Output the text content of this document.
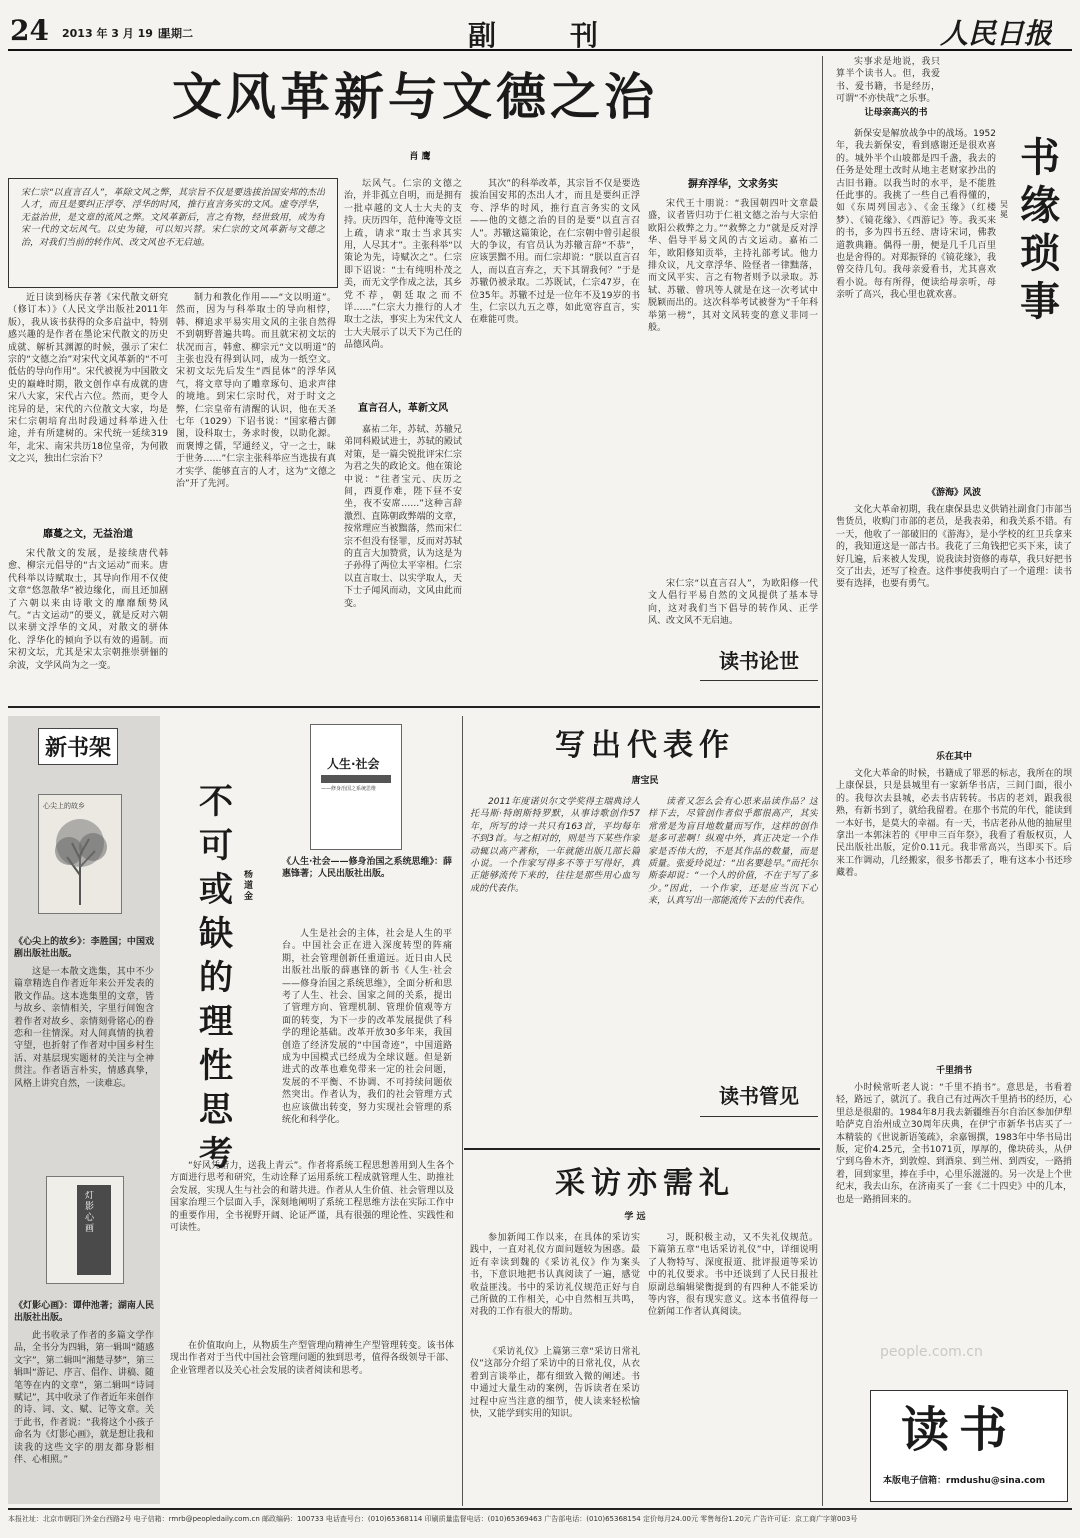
24 2013 年 3 月 19 日
星期二	副　　刊	人民日报
文风革新与文德之治
肖 鹰
宋仁宗“以直言召人”，革除文风之弊，其宗旨不仅是要选拔治国安邦的杰出人才，而且是要纠正浮夸、浮华的时风，推行直言务实的文风。虚夸浮华，无益治世，是文章的流风之弊。文风革新后，言之有物，经世致用，成为有宋一代的文坛风气。以史为镜，可以知兴替。宋仁宗的文风革新与文德之治，对我们当前的转作风、改文风也不无启迪。

近日读到杨庆存著《宋代散文研究（修订本）》（人民文学出版社2011年版），我从该书获得的众多启益中，特别感兴趣的是作者在墨论宋代散文的历史成就、解析其渊源的时候，强示了宋仁宗的“文德之治”对宋代文风革新的“不可低估的导向作用”。宋代被视为中国散文史的巅峰时期，散文创作卓有成就的唐宋八大家，宋代占六位。然而，更令人诧异的是，宋代的六位散文大家，均是宋仁宗朝培育出时段通过科举进入仕途，并有所建树的。宋代统一延续319年，北宋、南宋共历18位皇帝，为何散文之兴，独出仁宗治下？

靡蔓之文，无益治道

宋代散文的发展，是接续唐代韩愈、柳宗元倡导的“古文运动”而来。唐代科举以诗赋取士，其导向作用不仅使文章“悠忽散华”被边缘化，而且还加剧了六朝以来由诗歌文的靡靡颓势风气。“古文运动”的要义，就是反对六朝以来骈文浮华的文风，对散文的骈体化、浮华化的倾向予以有效的遏制。而宋初文坛，尤其是宋太宗朝推崇骈俪的余波，文学风尚为之一变。

制力和教化作用——“文以明道”。然而，因为与科举取士的导向相悖，韩、柳追求平易实用文风的主张自然得不到朝野普遍共鸣。而且就宋初文坛的状况而言，韩愈、柳宗元“文以明道”的主张也没有得到认同，成为一纸空文。宋初文坛先后发生“西昆体”的浮华风气，将文章导向了雕章琢句、追求声律的境地。到宋仁宗时代，对于时文之弊，仁宗皇帝有清醒的认识，他在天圣七年（1029）下诏书说：“国家稽古御图，设科取士，务求时俊，以助化源。而褒博之儒，罕通经义，守一之士，昧于世务……”仁宗主张科举应当选拔有真才实学、能够直言的人才，这为“文德之治”开了先河。

坛风气。仁宗的文德之治，并非孤立自明，而是拥有一批卓越的文人士大夫的支持。庆历四年，范仲淹等文臣上疏，请求“取士当求其实用，人尽其才”。主张科举“以策论为先，诗赋次之”。仁宗即下诏说：“士有纯明朴茂之美，而无文学作成之法，其乡党不荐，朝廷取之而不详……”仁宗大力推行的人才取士之法，事实上为宋代文人士大夫展示了以天下为己任的品德风尚。

直言召人，革新文风

嘉祐二年，苏轼、苏辙兄弟同科殿试进士，苏轼的殿试对策，是一篇尖锐批评宋仁宗为君之失的政论文。他在策论中说：“往者宝元、庆历之间，西夏作难，陛下昼不安坐，夜不安席……”这种言辞激烈、直陈朝政弊端的文章，按常理应当被黜落，然而宋仁宗不但没有怪罪，反而对苏轼的直言大加赞赏，认为这是为子孙得了两位太平宰相。仁宗以直言取士、以实学取人，天下士子闻风而动，文风由此而变。

其次”的科举改革，其宗旨不仅是要选拔治国安邦的杰出人才，而且是要纠正浮夸、浮华的时风，推行直言务实的文风——他的文德之治的目的是要“以直言召人”。苏辙这篇策论，在仁宗朝中曾引起很大的争议，有官员认为苏辙言辞“不恭”，应该罢黜不用。而仁宗却说：“朕以直言召人，而以直言弃之，天下其谓我何？”于是苏辙仍被录取。二苏既试，仁宗47岁，在位35年。苏辙不过是一位年不及19岁的书生，仁宗以九五之尊，如此宽容直言，实在难能可贵。

摒弃浮华，文求务实

宋代王十朋说：“我国朝四叶文章最盛，议者皆归功于仁祖文德之治与大宗伯欧阳公救弊之力。”“救弊之力”就是反对浮华、倡导平易文风的古文运动。嘉祐二年，欧阳修知贡举，主持礼部考试。他力排众议，凡文章浮华、险怪者一律黜落，而文风平实、言之有物者则予以录取。苏轼、苏辙、曾巩等人就是在这一次考试中脱颖而出的。这次科举考试被誉为“千年科举第一榜”，其对文风转变的意义非同一般。

宋仁宗“以直言召人”，为欧阳修一代文人倡行平易自然的文风提供了基本导向，这对我们当下倡导的转作风、正学风、改文风不无启迪。

读书论世
新书架
心尖上的故乡
《心尖上的故乡》：李胜国；中国戏剧出版社出版。

这是一本散文选集，其中不少篇章精选自作者近年来公开发表的散文作品。这本选集里的文章，皆与故乡、亲情相关，字里行间饱含着作者对故乡、亲情刻骨铭心的眷恋和一往情深。对人间真情的执着守望，也折射了作者对中国乡村生活、对基层现实题材的关注与全神贯注。作者语言朴实，情感真挚，风格上讲究自然，一读难忘。

灯影心画
《灯影心画》：谭仲池著；湖南人民出版社出版。

此书收录了作者的多篇文学作品，全书分为四辑，第一辑叫“随感文字”，第二辑叫“湘楚寻梦”，第三辑叫“游记、序言、倡作、讲稿、随笔等在内的文章”，第二辑叫“诗词赋记”，其中收录了作者近年来创作的诗、词、文、赋、记等文章。关于此书，作者说：“我将这个小孩子命名为《灯影心画》，就是想让我和读我的这些文字的朋友都身影相伴、心相照。”

不
可
或
缺
的
理
性
思
考
杨道金
人生·社会
——修身治国之系统思维
《人生·社会——修身治国之系统思维》：薛惠锋著；人民出版社出版。

人生是社会的主体，社会是人生的平台。中国社会正在进入深度转型的阵痛期，社会管理创新任重道远。近日由人民出版社出版的薛惠锋的新书《人生·社会——修身治国之系统思维》，全面分析和思考了人生、社会、国家之间的关系，提出了管理方向、管理机制、管理价值观等方面的转变，为下一步的改革发展提供了科学的理论基础。改革开放30多年来，我国创造了经济发展的“中国奇迹”，中国道路成为中国模式已经成为全球议题。但是新进式的改革也难免带来一定的社会问题，发展的不平衡、不协调、不可持续问题依然突出。作者认为，我们的社会管理方式也应该做出转变，努力实现社会管理的系统化和科学化。

“好风凭借力，送我上青云”。作者将系统工程思想善用到人生各个方面进行思考和研究，生动诠释了运用系统工程成就管理人生、助推社会发展，实现人生与社会的和谐共进。作者从人生价值、社会管理以及国家治理三个层面入手，深刻地阐明了系统工程思维方法在实际工作中的重要作用，全书视野开阔、论证严谨，具有很强的理论性、实践性和可读性。

在价值取向上，从物质生产型管理向精神生产型管理转变。该书体现出作者对于当代中国社会管理问题的独到思考，值得各级领导干部、企业管理者以及关心社会发展的读者阅读和思考。

写出代表作
唐宝民

2011年度诺贝尔文学奖得主瑞典诗人托马斯·特朗斯特罗默，从事诗歌创作57年，所写的诗一共只有163首，平均每年不到3首。与之相对的，则是当下某些作家动辄以高产著称，一年就能出版几部长篇小说。一个作家写得多不等于写得好，真正能够流传下来的，往往是那些用心血写成的代表作。

读者又怎么会有心思来品读作品？这样下去，尽管创作者似乎都很高产，其实常常是为盲目地数量而写作，这样的创作是多可悲啊！纵观中外，真正决定一个作家是否伟大的，不是其作品的数量，而是质量。张爱玲说过：“出名要趁早。”而托尔斯泰却说：“一个人的价值，不在于写了多少。”因此，一个作家，还是应当沉下心来，认真写出一部能流传下去的代表作。

读书管见
采访亦需礼
学 远

参加新闻工作以来，在具体的采访实践中，一直对礼仪方面问题较为困惑。最近有幸读到魏的《采访礼仪》作为案头书，下意识地把书认真阅读了一遍，感觉收益匪浅。书中的采访礼仪规范正好与自己所做的工作相关，心中自然相互共鸣，对我的工作有很大的帮助。

《采访礼仪》上篇第三章“采访日常礼仪”这部分介绍了采访中的日常礼仪，从衣着到言谈举止，都有细致入微的阐述。书中通过大量生动的案例，告诉读者在采访过程中应当注意的细节，使人读来轻松愉快，又能学到实用的知识。

习，既积极主动，又不失礼仪规范。下篇第五章“电话采访礼仪”中，详细说明了人物特写、深度报道、批评报道等采访中的礼仪要求。书中还谈到了人民日报社原副总编辑梁衡提到的有四种人不能采访等内容，很有现实意义。这本书值得每一位新闻工作者认真阅读。

实事求是地说，我只算半个读书人。但，我爱书、爱书籍，书是经历，可谓“不亦快哉”之乐事。

让母亲高兴的书
书缘琐事
吴 冕

新保安是解放战争中的战场。1952年，我去新保安，看到感谢还是很欢喜的。城外半个山坡都是四千盏，我去的任务是处理土改时从地主老财家抄出的古旧书籍。以我当时的水平，是不能胜任此事的。我挑了一些自己看得懂的，如《东周列国志》、《金玉缘》（红楼梦）、《镜花缘》、《西游记》等。我买来的书，多为四书五经、唐诗宋词，佛教道教典籍。偶得一册，便是几千几百里也是舍得的。对郑振铎的《镜花缘》，我曾交待几句。我母亲爱看书，尤其喜欢看小说。每有所得，便读给母亲听，母亲听了高兴，我心里也就欢喜。

《游海》风波

文化大革命初期，我在康保县忠义供销社副食门市部当售货员，收购门市部的老员，是我表弟，和我关系不错。有一天，他收了一部破旧的《游海》，是小学校的红卫兵拿来的，我知道这是一部古书。我花了三角钱把它买下来，读了好几遍，后来被人发现，说我读封资修的毒草，我只好把书交了出去，还写了检查。这件事使我明白了一个道理：读书要有选择，也要有勇气。

乐在其中

文化大革命的时候，书籍成了罪恶的标志，我所在的坝上康保县，只是县城里有一家新华书店，三间门面，很小的。我每次去县城，必去书店转转。书店的老刘，跟我很熟，有新书到了，就给我留着。在那个书荒的年代，能读到一本好书，是莫大的幸福。有一天，书店老孙从他的抽屉里拿出一本郭沫若的《甲申三百年祭》，我看了看版权页，人民出版社出版，定价0.11元。我非常高兴，当即买下。后来工作调动，几经搬家，很多书都丢了，唯有这本小书还珍藏着。

千里捎书

小时候常听老人说：“千里不捎书”。意思是，书看着轻，路远了，就沉了。我自己有过两次千里捎书的经历，心里总是很甜的。1984年8月我去新疆维吾尔自治区参加伊犁哈萨克自治州成立30周年庆典，在伊宁市新华书店买了一本精装的《世说新语笺疏》，余嘉锡撰，1983年中华书局出版，定价4.25元，全书1071页，厚厚的，像块砖头，从伊宁到乌鲁木齐，到敦煌、到酒泉、到兰州、到西安，一路捎着，回到家里，捧在手中，心里乐滋滋的。另一次是上个世纪末，我去山东，在济南买了一套《二十四史》中的几本，也是一路捎回来的。

people.com.cn
读书
本版电子信箱：rmdushu@sina.com
本报社址：北京市朝阳门外金台西路2号 电子信箱：rmrb@peopledaily.com.cn 邮政编码：100733 电话查号台：(010)65368114 印刷质量监督电话：(010)65369463 广告部电话：(010)65368154 定价每月24.00元 零售每份1.20元 广告许可证：京工商广字第003号
